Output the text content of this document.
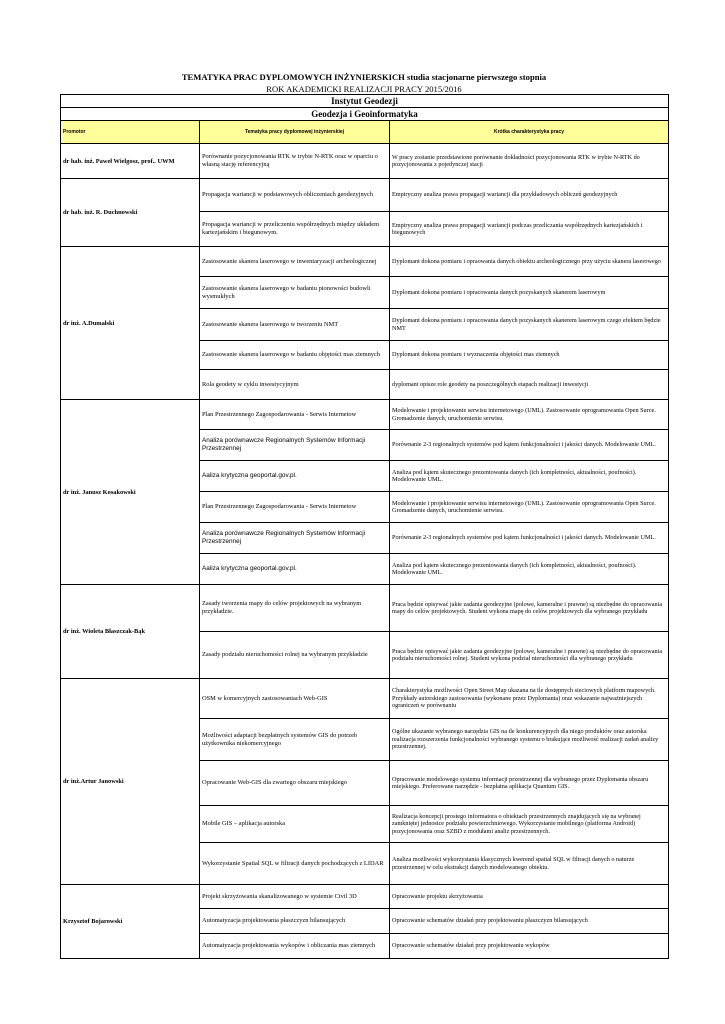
TEMATYKA PRAC DYPLOMOWYCH INŻYNIERSKICH studia stacjonarne pierwszego stopnia
ROK AKADEMICKI REALIZACJI PRACY 2015/2016
Instytut Geodezji		
Geodezja i Geoinformatyka		
Promotor	Tematyka pracy dyplomowej inżynierskiej	Krótka charakterystyka pracy
dr hab. inż. Paweł Wielgosz, prof.. UWM	Porównanie pozycjonowania RTK w trybie N-RTK oraz w oparciu o własną stację referencyjną	W pracy zostanie przedstawione porównanie dokładności pozycjonowania RTK w trybie N-RTK do pozycjonowania z pojedynczej stacji
dr hab. inż. R. Duchnowski	Propagacja wariancji w podstawowych obliczeniach geodezyjnych	Empiryczny analiza prawa propagacji wariancji dla przykładowych obliczeń geodezyjnych
	Propagacja wariancji w przeliczeniu współrzędnych między układem kartezjańskim i biegunowym.	Empiryczny analiza prawa propagacji wariancji podczas przeliczania współrzędnych kartezjańskich i biegunowych
dr inż. A.Dumalski	Zastosowanie skanera laserowego w inwentaryzacji archeologicznej	Dyplomant dokona pomiaru i opraowania danych obiektu archeologicznego przy użyciu skanera laserowego
	Zastosowanie skanera laserowego w badaniu pionowości budowli wysmukłych	Dyplomant dokona pomiaru i opracowania danych pozyskanych skanerem laserowym
	Zastosowanie skanera laserowego w tworzeniu NMT	Dyplomant dokona pomiaru i opracowania danych pozyskanych skanerem laserowym czego efektem będzie NMT
	Zastosowanie skanera laserowego w badaniu objętości mas ziemnych	Dyplomant dokona pomiaru i wyznaczenia objętości mas ziemnych
	Rola geodety w cyklu inwestycyjnym	dyplomant opisze role geodety na poszczególnych etapach realizacji inwestycji
dr inż. Janusz Kosakowski	Plan Przestrzennego Zagospodarowania - Serwis Internetow	Modelowanie i projektowanie serwisu internetowego (UML). Zastosowanie oprogramowania Open Surce. Gromadzenie danych, uruchomienie serwisu.
	Analiza porównawcze Regionalnych Systemów Informacji Przestrzennej	Porównanie 2-3 regionalnych systemów pod kątem funkcjonalności i jakości danych. Modelowanie UML.
	Aaliza krytyczna geoportal.gov.pl.	Analiza pod kątem skutecznego prezentowania danych (ich kompletności, aktualności, poufności). Modelowanie UML.
	Plan Przestrzennego Zagospodarowania - Serwis Internetow	Modelowanie i projektowanie serwisu internetowego (UML). Zastosowanie oprogramowania Open Surce. Gromadzenie danych, uruchomienie serwisu.
	Analiza porównawcze Regionalnych Systemów Informacji Przestrzennej	Porównanie 2-3 regionalnych systemów pod kątem funkcjonalności i jakości danych. Modelowanie UML.
	Aaliza krytyczna geoportal.gov.pl.	Analiza pod kątem skutecznego prezentowania danych (ich kompletności, aktualności, poufności). Modelowanie UML.
dr inż. Wioleta Błaszczak-Bąk	Zasady tworzenia mapy do celów projektowych na wybranym przykładzie.	Praca będzie opisywać jakie zadania geodezyjne (polowe, kameralne i prawne) są niezbędne do opracowania mapy do celów projektowych. Student wykona mapę do celów projektowych dla wybranego przykładu
	Zasady podziału nieruchomości rolnej na wybranym przykładzie	Praca będzie opisywać jakie zadania geodezyjne (polowe, kameralne i prawne) są niezbędne do opracowania podziału nieruchomości rolnej. Student wykona podział nieruchomości dla wybranego przykładu
dr inż.Artur Janowski	OSM w komercyjnych zastosowaniach Web-GIS	Charakterystyka możliwości Open Street Map ukazana na tle dostępnych sieciowych platform mapowych. Przykłady autorskiego zastosowania (wykonane przez Dyplomanta) oraz wskazanie najważniejszych ograniczeń w porównaniu
	Możliwości adaptacji bezpłatnych systemów GIS do potrzeb użytkownika niekomercyjnego	Ogólne ukazanie wybranego narzędzia GIS na tle konkurencyjnych dla niego produktów oraz autorska realizacja rozszerzenia funkcjonalności wybranego systemu o brakujące możliwość realizacji zadań analizy przestrzennej.
	Opracowanie Web-GIS dla zwartego obszaru miejskiego	Opracowanie modelowego systemu informacji przestrzennej dla wybranego przez Dyplomanta obszaru miejskiego. Preferowane narzędzie - bezpłatna aplikacja Quantum GIS.
	Mobile GIS – aplikacja autorska	Realizacja koncepcji prostego informatora o obiektach przestrzennych znajdujących się na wybranej zamkniętej jednostce podziału powierzchniowego. Wykorzystanie mobilnego (platforma Android) pozycjonowania oraz SZBD z modułami analiz przestrzennych.
	Wykorzystanie Spatial SQL w filtracji danych pochodzących z LIDAR	Analiza możliwości wykorzystania klasycznych kwerend spatial SQL w filtracji danych o naturze przestrzennej w celu ekstrakcji danych modelowanego obiektu.
Krzysztof Bojarowski	Projekt skrzyżowania skanalizowanego w systemie Civil 3D	Opracowanie projektu skrzyżowania
	Automatyzacja projektowania płaszczyzn bilansujących	Opracowanie schematów działań przy projektowaniu płaszczyzn bilansujących
	Automatyzacja projektowania wykopów i obliczania mas ziemnych	Opracowanie schematów działań przy projektowaniu wykopów
